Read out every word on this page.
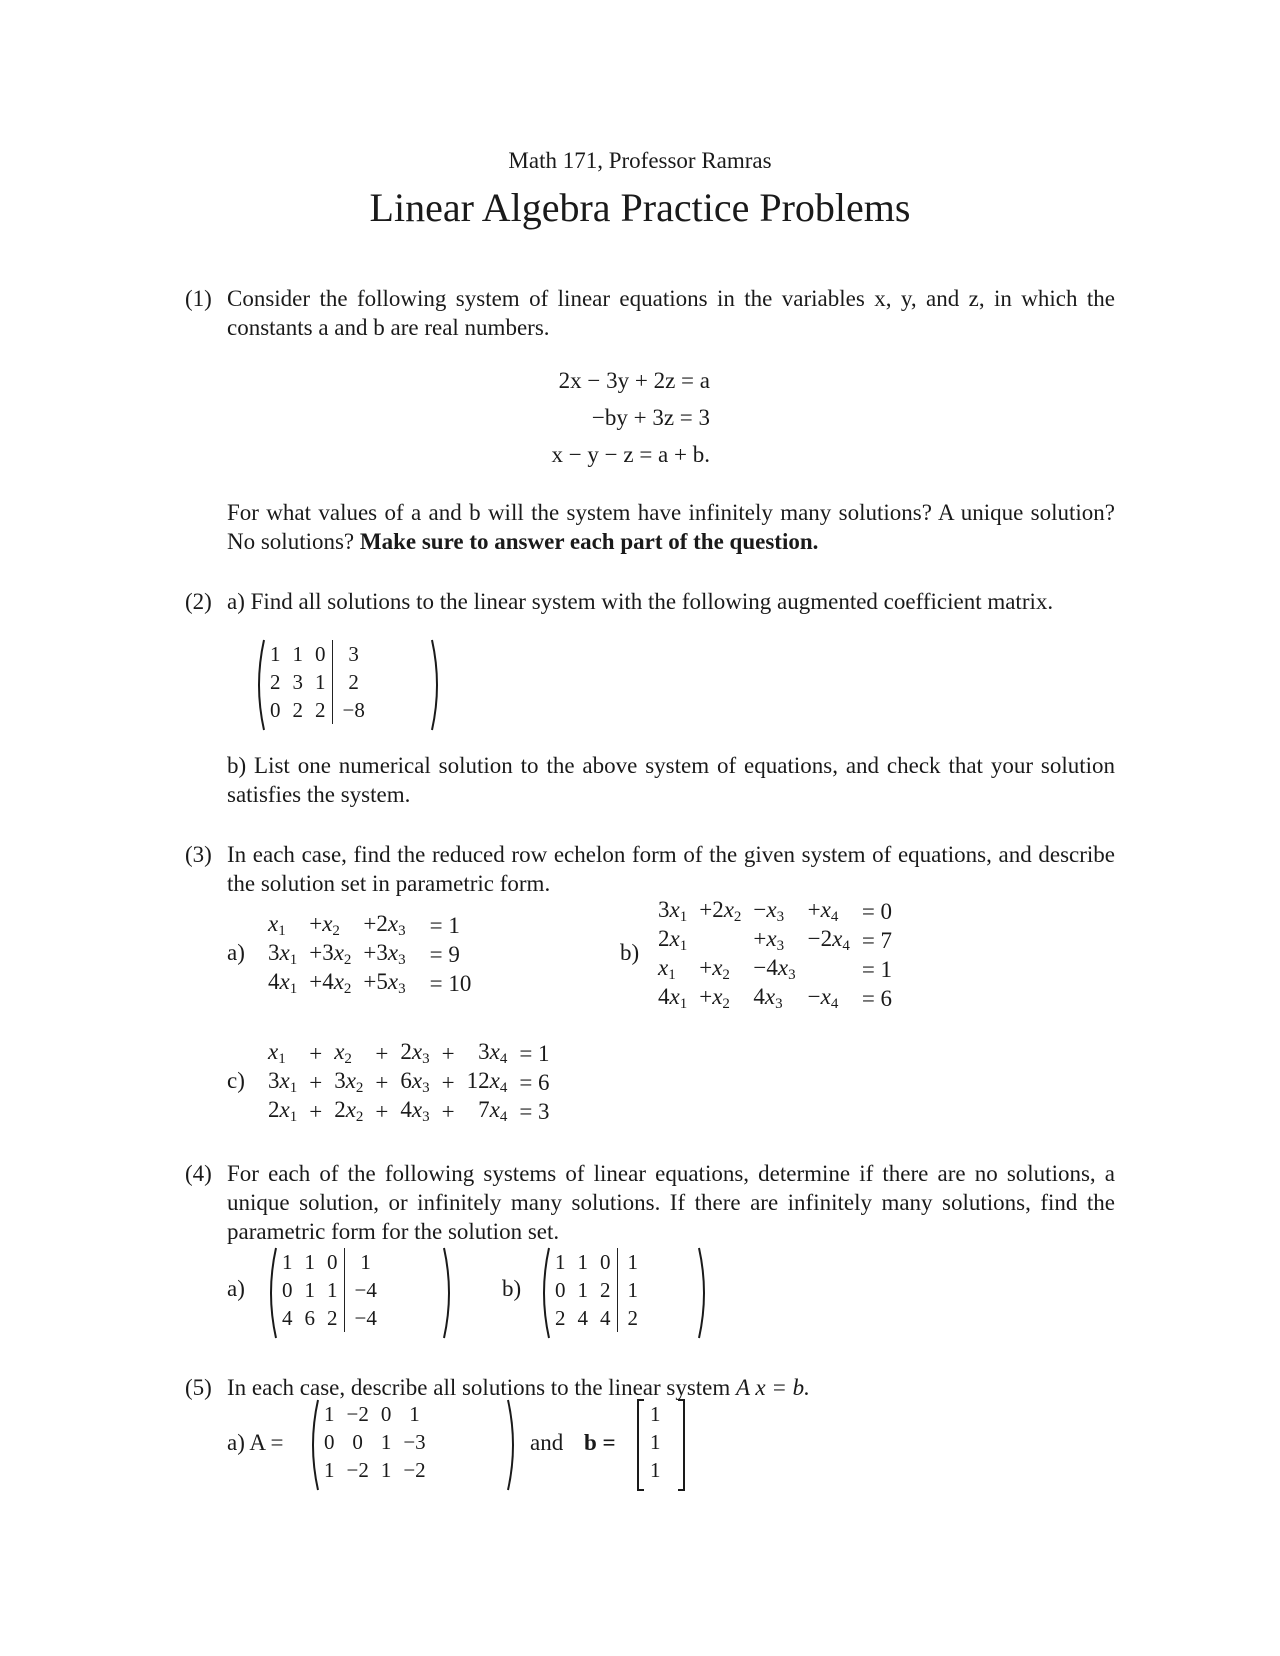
Math 171, Professor Ramras
Linear Algebra Practice Problems
(1) Consider the following system of linear equations in the variables x, y, and z, in which the constants a and b are real numbers.
2x − 3y + 2z = a
−by + 3z = 3
x − y − z = a + b.
For what values of a and b will the system have infinitely many solutions? A unique solution? No solutions? Make sure to answer each part of the question.
(2) a) Find all solutions to the linear system with the following augmented coefficient matrix.
1	1	0	3
2	3	1	2
0	2	2	−8
b) List one numerical solution to the above system of equations, and check that your solution satisfies the system.
(3) In each case, find the reduced row echelon form of the given system of equations, and describe the solution set in parametric form.
a)
$x_1$	$+x_2$	$+2x_3$	= 1
$3x_1$	$+3x_2$	$+3x_3$	= 9
$4x_1$	$+4x_2$	$+5x_3$	= 10
b)
$3x_1$	$+2x_2$	$-x_3$	$+x_4$	= 0
$2x_1$		$+x_3$	$-2x_4$	= 7
$x_1$	$+x_2$	$-4x_3$		= 1
$4x_1$	$+x_2$	$4x_3$	$-x_4$	= 6
c)
$x_1$	+	$x_2$	+	$2x_3$	+	$3x_4$	= 1
$3x_1$	+	$3x_2$	+	$6x_3$	+	$12x_4$	= 6
$2x_1$	+	$2x_2$	+	$4x_3$	+	$7x_4$	= 3
(4) For each of the following systems of linear equations, determine if there are no solutions, a unique solution, or infinitely many solutions. If there are infinitely many solutions, find the parametric form for the solution set.
a)
1	1	0	1
0	1	1	−4
4	6	2	−4
b)
1	1	0	1
0	1	2	1
2	4	4	2
(5) In each case, describe all solutions to the linear system A x = b.
a) A =
1	−2	0	1
0	0	1	−3
1	−2	1	−2
and b =
1
1
1
